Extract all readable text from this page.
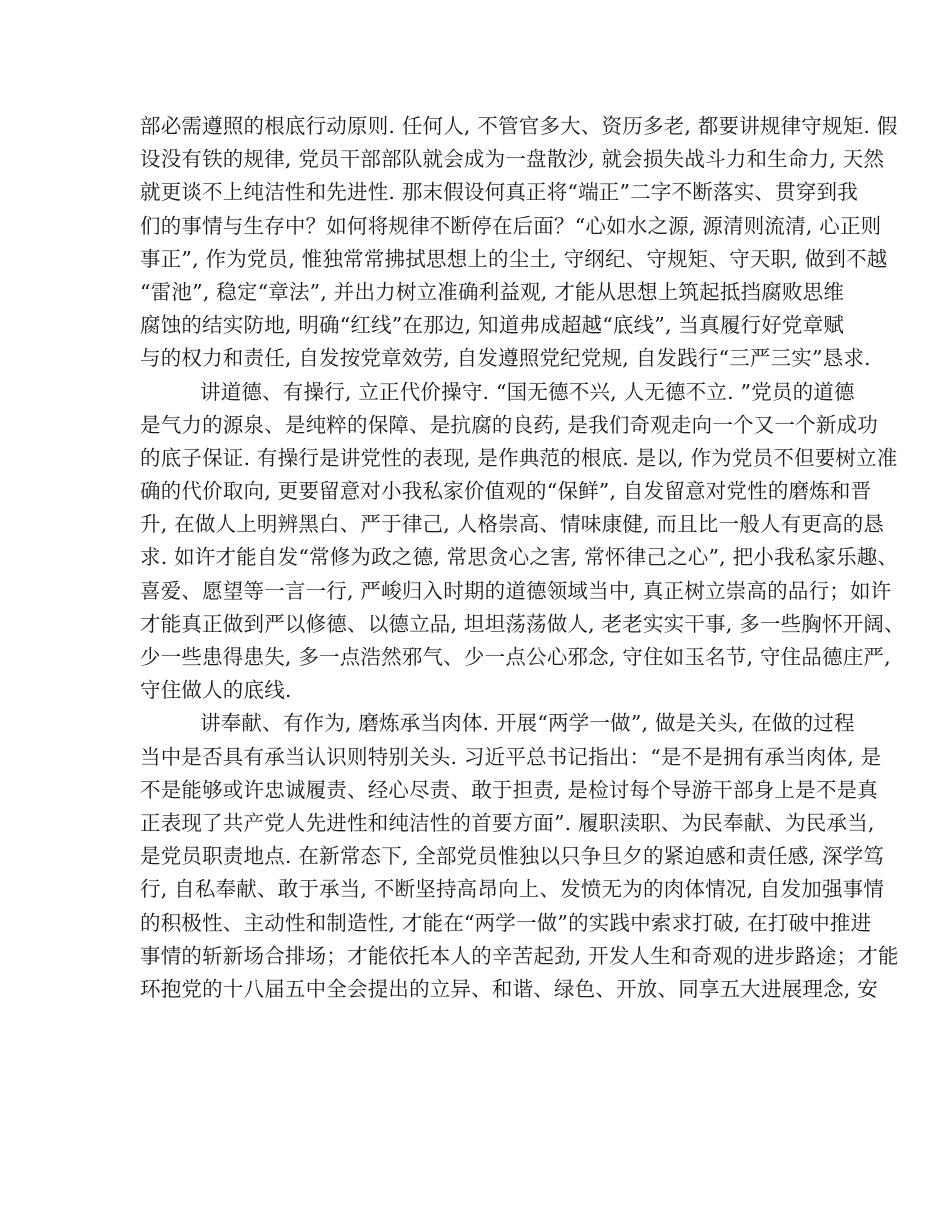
部必需遵照的根底行动原则. 任何人, 不管官多大、资历多老, 都要讲规律守规矩. 假
设没有铁的规律, 党员干部部队就会成为一盘散沙, 就会损失战斗力和生命力, 天然
就更谈不上纯洁性和先进性. 那末假设何真正将“端正”二字不断落实、贯穿到我
们的事情与生存中？如何将规律不断停在后面？“心如水之源, 源清则流清, 心正则
事正”, 作为党员, 惟独常常拂拭思想上的尘土, 守纲纪、守规矩、守天职, 做到不越
“雷池”, 稳定“章法”, 并出力树立准确利益观, 才能从思想上筑起抵挡腐败思维
腐蚀的结实防地, 明确“红线”在那边, 知道弗成超越“底线”, 当真履行好党章赋
与的权力和责任, 自发按党章效劳, 自发遵照党纪党规, 自发践行“三严三实”恳求.
讲道德、有操行, 立正代价操守. “国无德不兴, 人无德不立. ”党员的道德
是气力的源泉、是纯粹的保障、是抗腐的良药, 是我们奇观走向一个又一个新成功
的底子保证. 有操行是讲党性的表现, 是作典范的根底. 是以, 作为党员不但要树立准
确的代价取向, 更要留意对小我私家价值观的“保鲜”, 自发留意对党性的磨炼和晋
升, 在做人上明辨黑白、严于律己, 人格崇高、情味康健, 而且比一般人有更高的恳
求. 如许才能自发“常修为政之德, 常思贪心之害, 常怀律己之心”, 把小我私家乐趣、
喜爱、愿望等一言一行, 严峻归入时期的道德领域当中, 真正树立崇高的品行；如许
才能真正做到严以修德、以德立品, 坦坦荡荡做人, 老老实实干事, 多一些胸怀开阔、
少一些患得患失, 多一点浩然邪气、少一点公心邪念, 守住如玉名节, 守住品德庄严,
守住做人的底线.
讲奉献、有作为, 磨炼承当肉体. 开展“两学一做”, 做是关头, 在做的过程
当中是否具有承当认识则特别关头. 习近平总书记指出：“是不是拥有承当肉体, 是
不是能够或许忠诚履责、经心尽责、敢于担责, 是检讨每个导游干部身上是不是真
正表现了共产党人先进性和纯洁性的首要方面”. 履职渎职、为民奉献、为民承当,
是党员职责地点. 在新常态下, 全部党员惟独以只争旦夕的紧迫感和责任感, 深学笃
行, 自私奉献、敢于承当, 不断坚持高昂向上、发愤无为的肉体情况, 自发加强事情
的积极性、主动性和制造性, 才能在“两学一做”的实践中索求打破, 在打破中推进
事情的斩新场合排场；才能依托本人的辛苦起劲, 开发人生和奇观的进步路途；才能
环抱党的十八届五中全会提出的立异、和谐、绿色、开放、同享五大进展理念, 安
